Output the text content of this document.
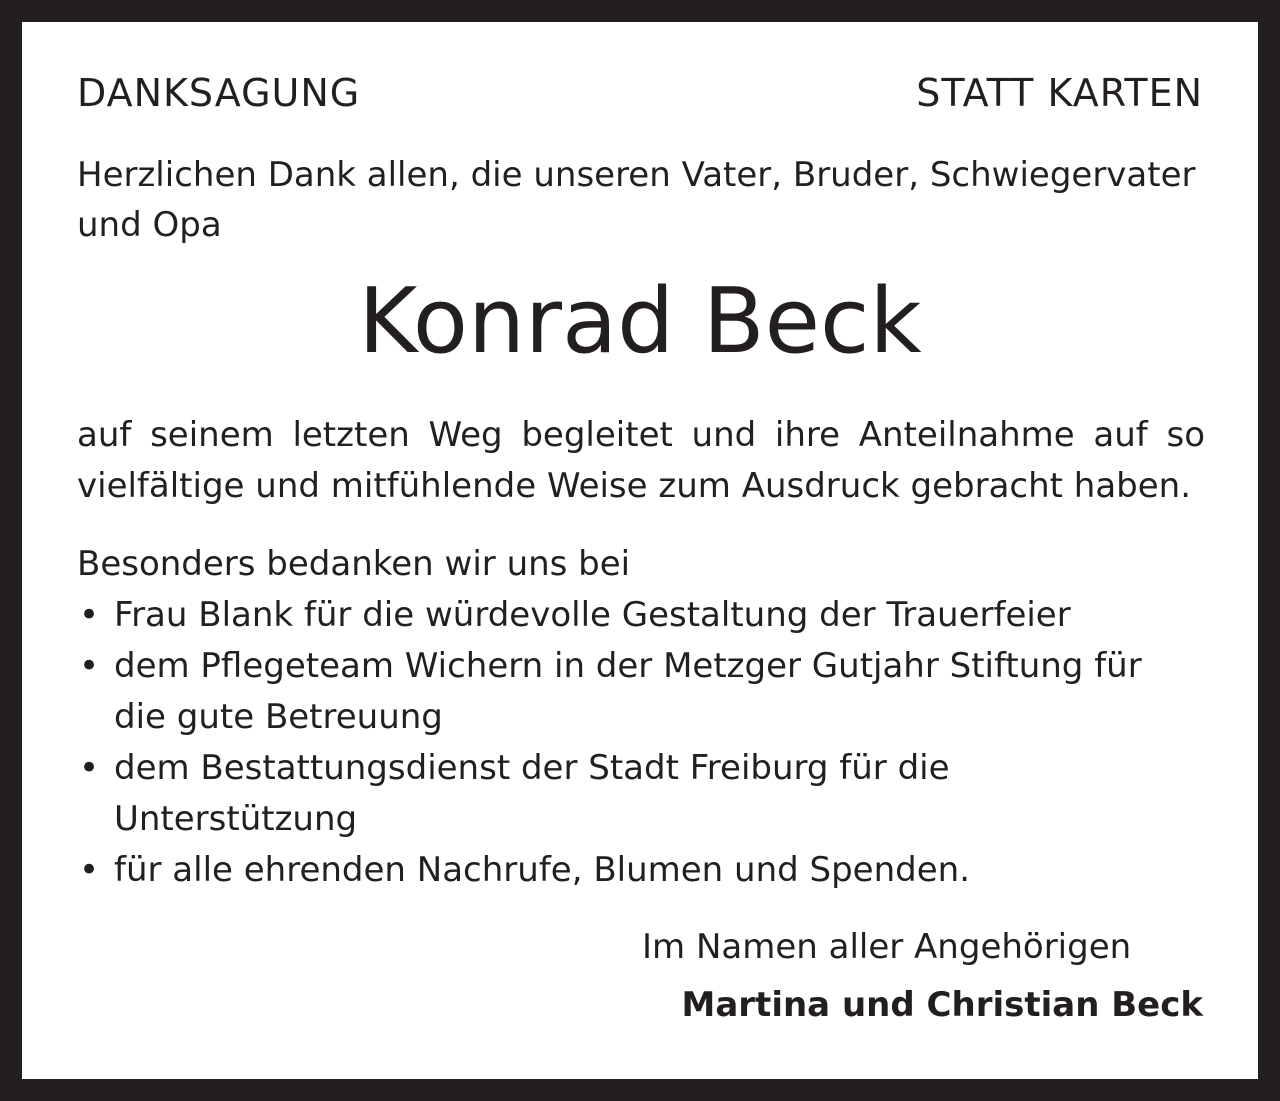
DANKSAGUNG	STATT KARTEN
Herzlichen Dank allen, die unseren Vater, Bruder, Schwiegervater und Opa
Konrad Beck
auf seinem letzten Weg begleitet und ihre Anteilnahme auf so vielfältige und mitfühlende Weise zum Ausdruck gebracht haben.
Besonders bedanken wir uns bei
• Frau Blank für die würdevolle Gestaltung der Trauerfeier
• dem Pflegeteam Wichern in der Metzger Gutjahr Stiftung für die gute Betreuung
• dem Bestattungsdienst der Stadt Freiburg für die Unterstützung
• für alle ehrenden Nachrufe, Blumen und Spenden.
Im Namen aller Angehörigen
Martina und Christian Beck
